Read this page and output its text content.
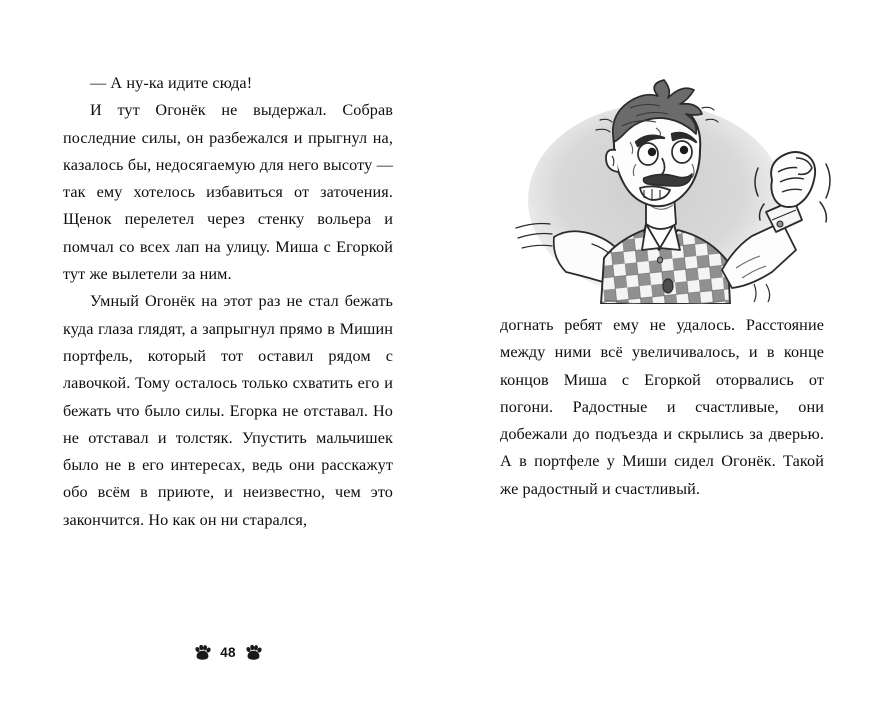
— А ну-ка идите сюда!

И тут Огонёк не выдержал. Собрав последние силы, он разбежался и прыгнул на, казалось бы, недосягаемую для него высоту — так ему хотелось избавиться от заточения. Щенок перелетел через стенку вольера и помчал со всех лап на улицу. Миша с Егоркой тут же вылетели за ним.

Умный Огонёк на этот раз не стал бежать куда глаза глядят, а запрыгнул прямо в Мишин портфель, который тот оставил рядом с лавочкой. Тому осталось только схватить его и бежать что было силы. Егорка не отставал. Но не отставал и толстяк. Упустить мальчишек было не в его интересах, ведь они расскажут обо всём в приюте, и неизвестно, чем это закончится. Но как он ни старался,

догнать ребят ему не удалось. Расстояние между ними всё увеличивалось, и в конце концов Миша с Егоркой оторвались от погони. Радостные и счастливые, они добежали до подъезда и скрылись за дверью. А в портфеле у Миши сидел Огонёк. Такой же радостный и счастливый.

48
